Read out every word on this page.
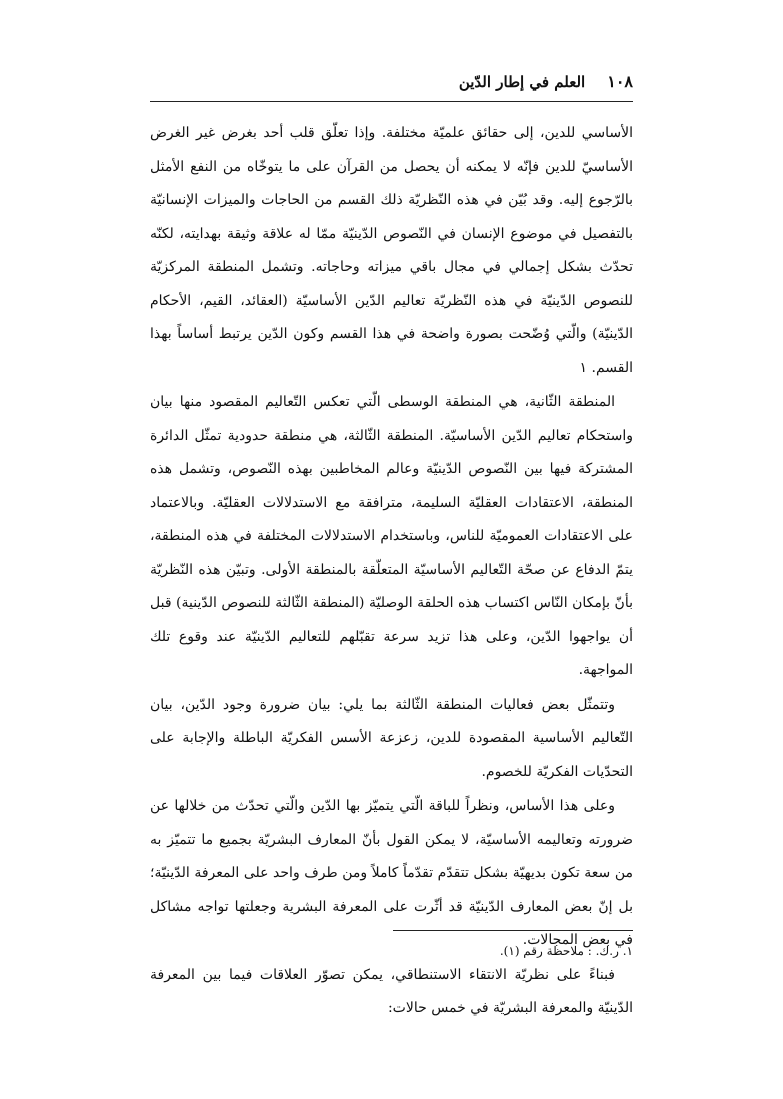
١٠٨
العلم في إطار الدّين

الأساسي للدين، إلى حقائق علميّة مختلفة. وإذا تعلّق قلب أحد بغرض غير الغرض الأساسيّ للدين فإنّه لا يمكنه أن يحصل من القرآن على ما يتوخّاه من النفع الأمثل بالرّجوع إليه. وقد بُيّن في هذه النّظريّة ذلك القسم من الحاجات والميزات الإنسانيّة بالتفصيل في موضوع الإنسان في النّصوص الدّينيّة ممّا له علاقة وثيقة بهدايته، لكنّه تحدّث بشكل إجمالي في مجال باقي ميزاته وحاجاته. وتشمل المنطقة المركزيّة للنصوص الدّينيّة في هذه النّظريّة تعاليم الدّين الأساسيّة (العقائد، القيم، الأحكام الدّينيّة) والّتي وُضّحت بصورة واضحة في هذا القسم وكون الدّين يرتبط أساساً بهذا القسم. ١

المنطقة الثّانية، هي المنطقة الوسطى الّتي تعكس التّعاليم المقصود منها بيان واستحكام تعاليم الدّين الأساسيّة. المنطقة الثّالثة، هي منطقة حدودية تمثّل الدائرة المشتركة فيها بين النّصوص الدّينيّة وعالم المخاطبين بهذه النّصوص، وتشمل هذه المنطقة، الاعتقادات العقليّة السليمة، مترافقة مع الاستدلالات العقليّة. وبالاعتماد على الاعتقادات العموميّة للناس، وباستخدام الاستدلالات المختلفة في هذه المنطقة، يتمّ الدفاع عن صحّة التّعاليم الأساسيّة المتعلّقة بالمنطقة الأولى. وتبيّن هذه النّظريّة بأنّ بإمكان النّاس اكتساب هذه الحلقة الوصليّة (المنطقة الثّالثة للنصوص الدّينية) قبل أن يواجهوا الدّين، وعلى هذا تزيد سرعة تقبّلهم للتعاليم الدّينيّة عند وقوع تلك المواجهة.

وتتمثّل بعض فعاليات المنطقة الثّالثة بما يلي: بيان ضرورة وجود الدّين، بيان التّعاليم الأساسية المقصودة للدين، زعزعة الأسس الفكريّة الباطلة والإجابة على التحدّيات الفكريّة للخصوم.

وعلى هذا الأساس، ونظراً للباقة الّتي يتميّز بها الدّين والّتي تحدّث من خلالها عن ضرورته وتعاليمه الأساسيّة، لا يمكن القول بأنّ المعارف البشريّة بجميع ما تتميّز به من سعة تكون بديهيّة بشكل تتقدّم تقدّماً كاملاً ومن طرف واحد على المعرفة الدّينيّة؛ بل إنّ بعض المعارف الدّينيّة قد أثّرت على المعرفة البشرية وجعلتها تواجه مشاكل في بعض المجالات.

فبناءً على نظريّة الانتقاء الاستنطاقي، يمكن تصوّر العلاقات فيما بين المعرفة الدّينيّة والمعرفة البشريّة في خمس حالات:

١. ر.ك. : ملاحظة رقم (١).
